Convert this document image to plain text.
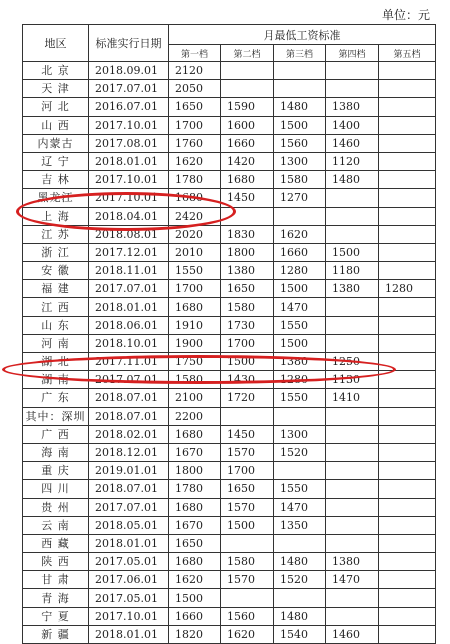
单位：元
地区	标准实行日期	月最低工资标准				
		第一档	第二档	第三档	第四档	第五档
北 京	2018.09.01	2120				
天 津	2017.07.01	2050				
河 北	2016.07.01	1650	1590	1480	1380	
山 西	2017.10.01	1700	1600	1500	1400	
内蒙古	2017.08.01	1760	1660	1560	1460	
辽 宁	2018.01.01	1620	1420	1300	1120	
吉 林	2017.10.01	1780	1680	1580	1480	
黑龙江	2017.10.01	1680	1450	1270		
上 海	2018.04.01	2420				
江 苏	2018.08.01	2020	1830	1620		
浙 江	2017.12.01	2010	1800	1660	1500	
安 徽	2018.11.01	1550	1380	1280	1180	
福 建	2017.07.01	1700	1650	1500	1380	1280
江 西	2018.01.01	1680	1580	1470		
山 东	2018.06.01	1910	1730	1550		
河 南	2018.10.01	1900	1700	1500		
湖 北	2017.11.01	1750	1500	1380	1250	
湖 南	2017.07.01	1580	1430	1280	1130	
广 东	2018.07.01	2100	1720	1550	1410	
其中：深圳	2018.07.01	2200				
广 西	2018.02.01	1680	1450	1300		
海 南	2018.12.01	1670	1570	1520		
重 庆	2019.01.01	1800	1700			
四 川	2018.07.01	1780	1650	1550		
贵 州	2017.07.01	1680	1570	1470		
云 南	2018.05.01	1670	1500	1350		
西 藏	2018.01.01	1650				
陕 西	2017.05.01	1680	1580	1480	1380	
甘 肃	2017.06.01	1620	1570	1520	1470	
青 海	2017.05.01	1500				
宁 夏	2017.10.01	1660	1560	1480		
新 疆	2018.01.01	1820	1620	1540	1460	
